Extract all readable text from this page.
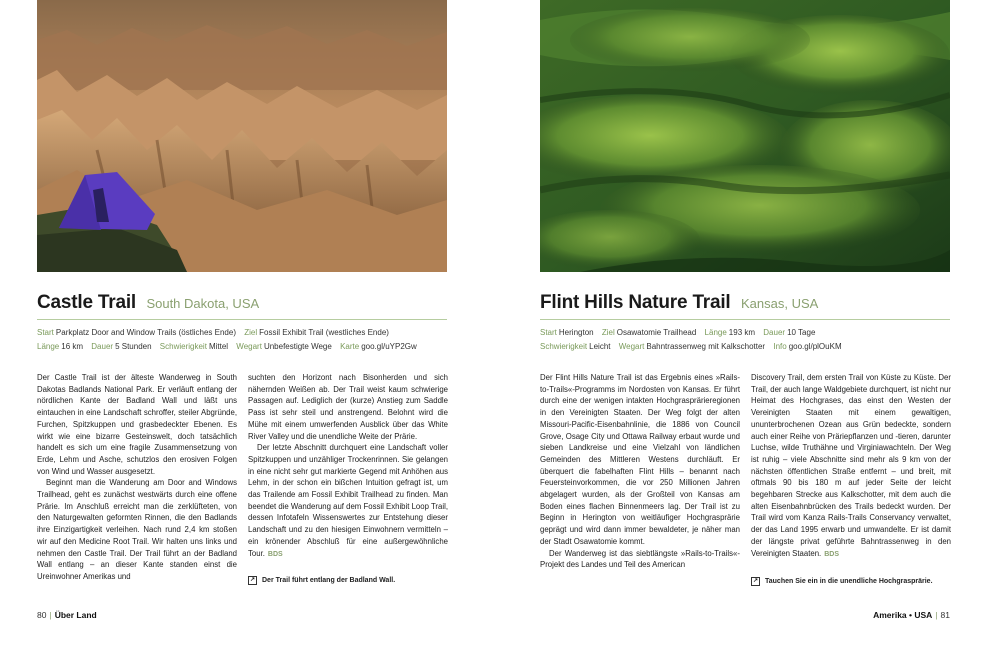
Castle Trail South Dakota, USA
Start Parkplatz Door and Window Trails (östliches Ende) Ziel Fossil Exhibit Trail (westliches Ende)
Länge 16 km Dauer 5 Stunden Schwierigkeit Mittel Wegart Unbefestigte Wege Karte goo.gl/uYP2Gw

Der Castle Trail ist der älteste Wanderweg in South Dakotas Badlands National Park. Er verläuft entlang der nördlichen Kante der Badland Wall und läßt uns eintauchen in eine Landschaft schroffer, steiler Abgründe, Furchen, Spitzkuppen und grasbedeckter Ebenen. Es wirkt wie eine bizarre Gesteinswelt, doch tatsächlich handelt es sich um eine fragile Zusammensetzung von Erde, Lehm und Asche, schutzlos den erosiven Folgen von Wind und Wasser ausgesetzt.

Beginnt man die Wanderung am Door and Windows Trailhead, geht es zunächst westwärts durch eine offene Prärie. Im Anschluß erreicht man die zerklüfteten, von den Naturgewalten geformten Rinnen, die den Badlands ihre Einzigartigkeit verleihen. Nach rund 2,4 km stoßen wir auf den Medicine Root Trail. Wir halten uns links und nehmen den Castle Trail. Der Trail führt an der Badland Wall entlang – an dieser Kante standen einst die Ureinwohner Amerikas und

suchten den Horizont nach Bisonherden und sich nähernden Weißen ab. Der Trail weist kaum schwierige Passagen auf. Lediglich der (kurze) Anstieg zum Saddle Pass ist sehr steil und anstrengend. Belohnt wird die Mühe mit einem umwerfenden Ausblick über das White River Valley und die unendliche Weite der Prärie.

Der letzte Abschnitt durchquert eine Landschaft voller Spitzkuppen und unzähliger Trockenrinnen. Sie gelangen in eine nicht sehr gut markierte Gegend mit Anhöhen aus Lehm, in der schon ein bißchen Intuition gefragt ist, um das Trailende am Fossil Exhibit Trailhead zu finden. Man beendet die Wanderung auf dem Fossil Exhibit Loop Trail, dessen Infotafeln Wissenswertes zur Entstehung dieser Landschaft und zu den hiesigen Einwohnern vermitteln – ein krönender Abschluß für eine außergewöhnliche Tour. BDS

↗ Der Trail führt entlang der Badland Wall.
80 | Über Land
Flint Hills Nature Trail Kansas, USA
Start Herington Ziel Osawatomie Trailhead Länge 193 km Dauer 10 Tage
Schwierigkeit Leicht Wegart Bahntrassenweg mit Kalkschotter Info goo.gl/plOuKM

Der Flint Hills Nature Trail ist das Ergebnis eines »Rails-to-Trails«-Programms im Nordosten von Kansas. Er führt durch eine der wenigen intakten Hochgrasprärieregionen in den Vereinigten Staaten. Der Weg folgt der alten Missouri-Pacific-Eisenbahnlinie, die 1886 von Council Grove, Osage City und Ottawa Railway erbaut wurde und sieben Landkreise und eine Vielzahl von ländlichen Gemeinden des Mittleren Westens durchläuft. Er überquert die fabelhaften Flint Hills – benannt nach Feuersteinvorkommen, die vor 250 Millionen Jahren abgelagert wurden, als der Großteil von Kansas am Boden eines flachen Binnenmeers lag. Der Trail ist zu Beginn in Herington von weitläufiger Hochgrasprärie geprägt und wird dann immer bewaldeter, je näher man der Stadt Osawatomie kommt.

Der Wanderweg ist das siebtlängste »Rails-to-Trails«-Projekt des Landes und Teil des American

Discovery Trail, dem ersten Trail von Küste zu Küste. Der Trail, der auch lange Waldgebiete durchquert, ist nicht nur Heimat des Hochgrases, das einst den Westen der Vereinigten Staaten mit einem gewaltigen, ununterbrochenen Ozean aus Grün bedeckte, sondern auch einer Reihe von Präriepflanzen und -tieren, darunter Luchse, wilde Truthähne und Virginiawachteln. Der Weg ist ruhig – viele Abschnitte sind mehr als 9 km von der nächsten öffentlichen Straße entfernt – und breit, mit oftmals 90 bis 180 m auf jeder Seite der leicht begehbaren Strecke aus Kalkschotter, mit dem auch die alten Eisenbahnbrücken des Trails bedeckt wurden. Der Trail wird vom Kanza Rails-Trails Conservancy verwaltet, der das Land 1995 erwarb und umwandelte. Er ist damit der längste privat geführte Bahntrassenweg in den Vereinigten Staaten. BDS

↗ Tauchen Sie ein in die unendliche Hochgrasprärie.
Amerika • USA | 81
